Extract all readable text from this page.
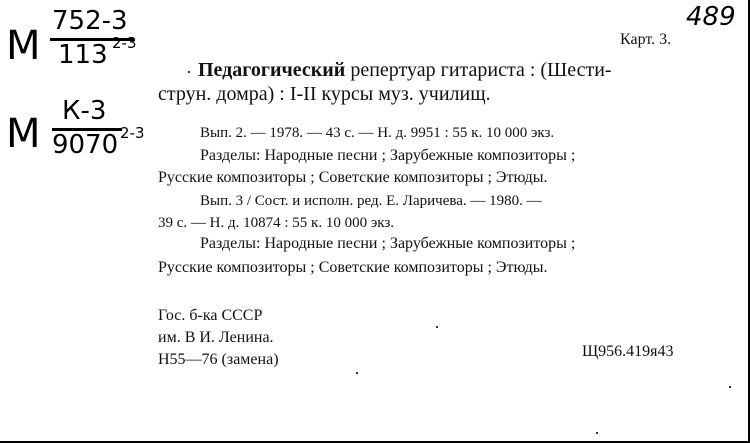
М
752-3
113 2-3
М К-3
9070 2-3
489
Карт. 3.
Педагогический репертуар гитариста : (Шести-
струн. домра) : I-II курсы муз. училищ.
Вып. 2. — 1978. — 43 с. — Н. д. 9951 : 55 к. 10 000 экз.
Разделы: Народные песни ; Зарубежные композиторы ;
Русские композиторы ; Советские композиторы ; Этюды.
Вып. 3 / Сост. и исполн. ред. Е. Ларичева. — 1980. —
39 с. — Н. д. 10874 : 55 к. 10 000 экз.
Разделы: Народные песни ; Зарубежные композиторы ;
Русские композиторы ; Советские композиторы ; Этюды.
Гос. б-ка СССР
им. В И. Ленина.
Н55—76 (замена)	Щ956.419я43
